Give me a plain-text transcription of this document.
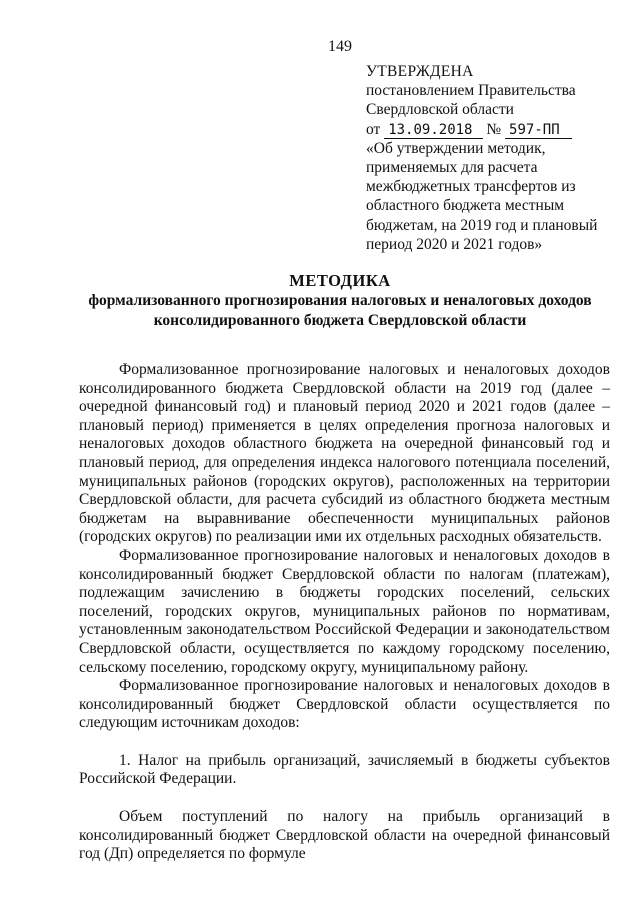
149
УТВЕРЖДЕНА
постановлением Правительства
Свердловской области
от 13.09.2018 № 597-ПП
«Об утверждении методик, применяемых для расчета межбюджетных трансфертов из областного бюджета местным бюджетам, на 2019 год и плановый период 2020 и 2021 годов»
МЕТОДИКА
формализованного прогнозирования налоговых и неналоговых доходов консолидированного бюджета Свердловской области

Формализованное прогнозирование налоговых и неналоговых доходов консолидированного бюджета Свердловской области на 2019 год (далее – очередной финансовый год) и плановый период 2020 и 2021 годов (далее – плановый период) применяется в целях определения прогноза налоговых и неналоговых доходов областного бюджета на очередной финансовый год и плановый период, для определения индекса налогового потенциала поселений, муниципальных районов (городских округов), расположенных на территории Свердловской области, для расчета субсидий из областного бюджета местным бюджетам на выравнивание обеспеченности муниципальных районов (городских округов) по реализации ими их отдельных расходных обязательств.

Формализованное прогнозирование налоговых и неналоговых доходов в консолидированный бюджет Свердловской области по налогам (платежам), подлежащим зачислению в бюджеты городских поселений, сельских поселений, городских округов, муниципальных районов по нормативам, установленным законодательством Российской Федерации и законодательством Свердловской области, осуществляется по каждому городскому поселению, сельскому поселению, городскому округу, муниципальному району.

Формализованное прогнозирование налоговых и неналоговых доходов в консолидированный бюджет Свердловской области осуществляется по следующим источникам доходов:

1. Налог на прибыль организаций, зачисляемый в бюджеты субъектов Российской Федерации.

Объем поступлений по налогу на прибыль организаций в консолидированный бюджет Свердловской области на очередной финансовый год (Дп) определяется по формуле
